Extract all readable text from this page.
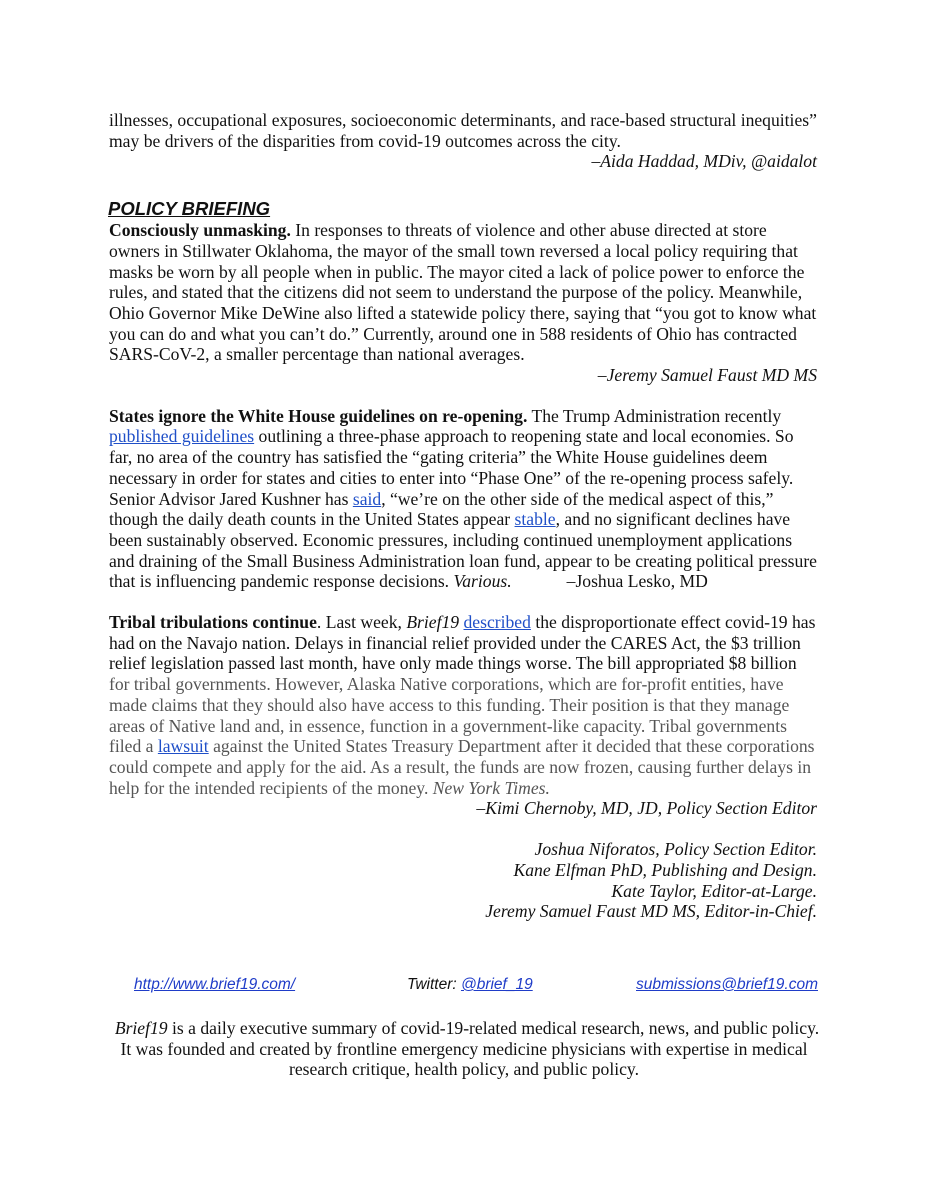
illnesses, occupational exposures, socioeconomic determinants, and race-based structural inequities” may be drivers of the disparities from covid-19 outcomes across the city.

–Aida Haddad, MDiv, @aidalot
POLICY BRIEFING

Consciously unmasking. In responses to threats of violence and other abuse directed at store owners in Stillwater Oklahoma, the mayor of the small town reversed a local policy requiring that masks be worn by all people when in public. The mayor cited a lack of police power to enforce the rules, and stated that the citizens did not seem to understand the purpose of the policy. Meanwhile, Ohio Governor Mike DeWine also lifted a statewide policy there, saying that “you got to know what you can do and what you can’t do.” Currently, around one in 588 residents of Ohio has contracted SARS-CoV-2, a smaller percentage than national averages.

–Jeremy Samuel Faust MD MS

States ignore the White House guidelines on re-opening. The Trump Administration recently published guidelines outlining a three-phase approach to reopening state and local economies. So far, no area of the country has satisfied the “gating criteria” the White House guidelines deem necessary in order for states and cities to enter into “Phase One” of the re-opening process safely. Senior Advisor Jared Kushner has said, “we’re on the other side of the medical aspect of this,” though the daily death counts in the United States appear stable, and no significant declines have been sustainably observed. Economic pressures, including continued unemployment applications and draining of the Small Business Administration loan fund, appear to be creating political pressure that is influencing pandemic response decisions. Various.	–Joshua Lesko, MD

Tribal tribulations continue. Last week, Brief19 described the disproportionate effect covid-19 has had on the Navajo nation. Delays in financial relief provided under the CARES Act, the $3 trillion relief legislation passed last month, have only made things worse. The bill appropriated $8 billion for tribal governments. However, Alaska Native corporations, which are for-profit entities, have made claims that they should also have access to this funding. Their position is that they manage areas of Native land and, in essence, function in a government-like capacity. Tribal governments filed a lawsuit against the United States Treasury Department after it decided that these corporations could compete and apply for the aid. As a result, the funds are now frozen, causing further delays in help for the intended recipients of the money. New York Times.

–Kimi Chernoby, MD, JD, Policy Section Editor
Joshua Niforatos, Policy Section Editor.
Kane Elfman PhD, Publishing and Design.
Kate Taylor, Editor-at-Large.
Jeremy Samuel Faust MD MS, Editor-in-Chief.
http://www.brief19.com/	Twitter: @brief_19	submissions@brief19.com
Brief19 is a daily executive summary of covid-19-related medical research, news, and public policy. It was founded and created by frontline emergency medicine physicians with expertise in medical research critique, health policy, and public policy.
